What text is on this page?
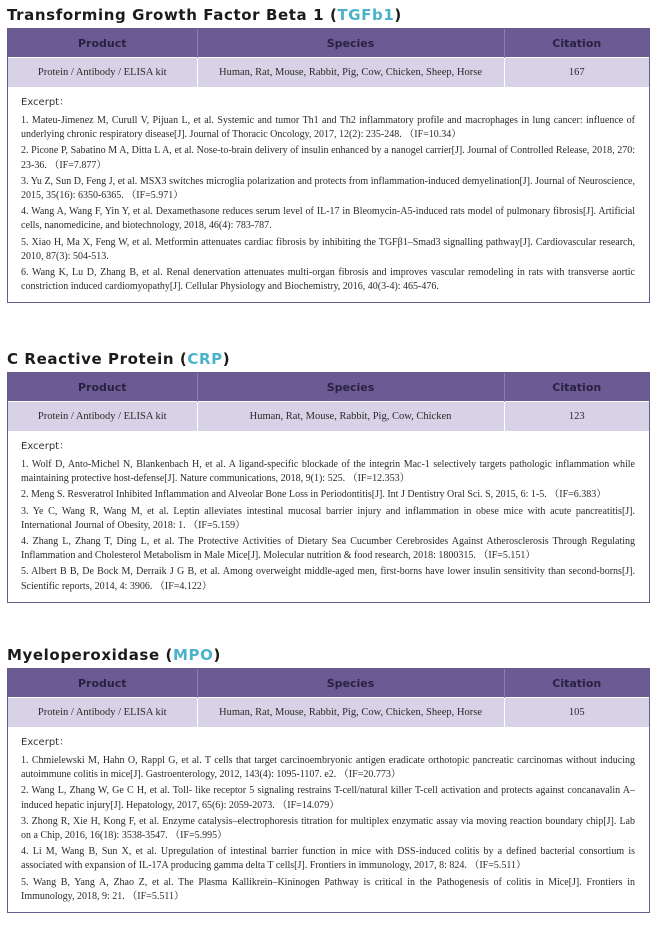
Transforming Growth Factor Beta 1 (TGFb1)
Product	Species	Citation
Protein / Antibody / ELISA kit	Human, Rat, Mouse, Rabbit, Pig, Cow, Chicken, Sheep, Horse	167
Excerpt：
1. Mateu-Jimenez M, Curull V, Pijuan L, et al. Systemic and tumor Th1 and Th2 inflammatory profile and macrophages in lung cancer: influence of underlying chronic respiratory disease[J]. Journal of Thoracic Oncology, 2017, 12(2): 235-248. （IF=10.34）
2. Picone P, Sabatino M A, Ditta L A, et al. Nose-to-brain delivery of insulin enhanced by a nanogel carrier[J]. Journal of Controlled Release, 2018, 270: 23-36. （IF=7.877）
3. Yu Z, Sun D, Feng J, et al. MSX3 switches microglia polarization and protects from inflammation-induced demyelination[J]. Journal of Neuroscience, 2015, 35(16): 6350-6365. （IF=5.971）
4. Wang A, Wang F, Yin Y, et al. Dexamethasone reduces serum level of IL-17 in Bleomycin-A5-induced rats model of pulmonary fibrosis[J]. Artificial cells, nanomedicine, and biotechnology, 2018, 46(4): 783-787.
5. Xiao H, Ma X, Feng W, et al. Metformin attenuates cardiac fibrosis by inhibiting the TGFβ1–Smad3 signalling pathway[J]. Cardiovascular research, 2010, 87(3): 504-513.
6. Wang K, Lu D, Zhang B, et al. Renal denervation attenuates multi-organ fibrosis and improves vascular remodeling in rats with transverse aortic constriction induced cardiomyopathy[J]. Cellular Physiology and Biochemistry, 2016, 40(3-4): 465-476.
C Reactive Protein (CRP)
Product	Species	Citation
Protein / Antibody / ELISA kit	Human, Rat, Mouse, Rabbit, Pig, Cow, Chicken	123
Excerpt：
1. Wolf D, Anto-Michel N, Blankenbach H, et al. A ligand-specific blockade of the integrin Mac-1 selectively targets pathologic inflammation while maintaining protective host-defense[J]. Nature communications, 2018, 9(1): 525. （IF=12.353）
2. Meng S. Resveratrol Inhibited Inflammation and Alveolar Bone Loss in Periodontitis[J]. Int J Dentistry Oral Sci. S, 2015, 6: 1-5. （IF=6.383）
3. Ye C, Wang R, Wang M, et al. Leptin alleviates intestinal mucosal barrier injury and inflammation in obese mice with acute pancreatitis[J]. International Journal of Obesity, 2018: 1. （IF=5.159）
4. Zhang L, Zhang T, Ding L, et al. The Protective Activities of Dietary Sea Cucumber Cerebrosides Against Atherosclerosis Through Regulating Inflammation and Cholesterol Metabolism in Male Mice[J]. Molecular nutrition & food research, 2018: 1800315. （IF=5.151）
5. Albert B B, De Bock M, Derraik J G B, et al. Among overweight middle-aged men, first-borns have lower insulin sensitivity than second-borns[J]. Scientific reports, 2014, 4: 3906. （IF=4.122）
Myeloperoxidase (MPO)
Product	Species	Citation
Protein / Antibody / ELISA kit	Human, Rat, Mouse, Rabbit, Pig, Cow, Chicken, Sheep, Horse	105
Excerpt：
1. Chmielewski M, Hahn O, Rappl G, et al. T cells that target carcinoembryonic antigen eradicate orthotopic pancreatic carcinomas without inducing autoimmune colitis in mice[J]. Gastroenterology, 2012, 143(4): 1095-1107. e2. （IF=20.773）
2. Wang L, Zhang W, Ge C H, et al. Toll- like receptor 5 signaling restrains T-cell/natural killer T-cell activation and protects against concanavalin A–induced hepatic injury[J]. Hepatology, 2017, 65(6): 2059-2073. （IF=14.079）
3. Zhong R, Xie H, Kong F, et al. Enzyme catalysis–electrophoresis titration for multiplex enzymatic assay via moving reaction boundary chip[J]. Lab on a Chip, 2016, 16(18): 3538-3547. （IF=5.995）
4. Li M, Wang B, Sun X, et al. Upregulation of intestinal barrier function in mice with DSS-induced colitis by a defined bacterial consortium is associated with expansion of IL-17A producing gamma delta T cells[J]. Frontiers in immunology, 2017, 8: 824. （IF=5.511）
5. Wang B, Yang A, Zhao Z, et al. The Plasma Kallikrein–Kininogen Pathway is critical in the Pathogenesis of colitis in Mice[J]. Frontiers in Immunology, 2018, 9: 21. （IF=5.511）
